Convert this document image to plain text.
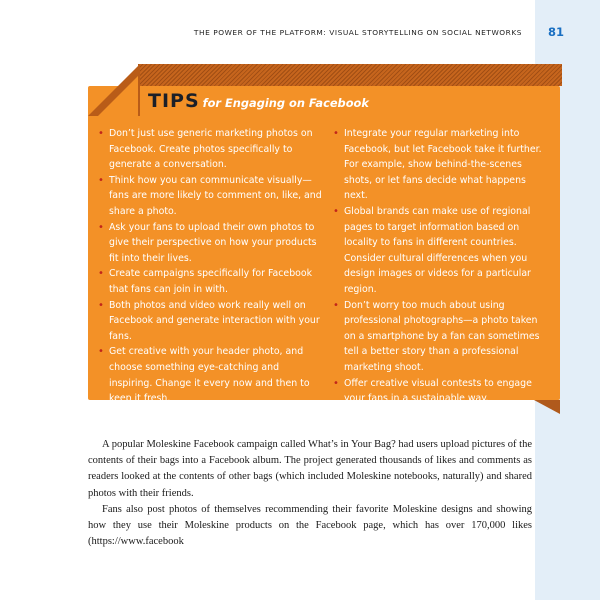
THE POWER OF THE PLATFORM: VISUAL STORYTELLING ON SOCIAL NETWORKS	81
TIPS for Engaging on Facebook
• Don’t just use generic marketing photos on Facebook. Create photos specifically to generate a conversation.
• Think how you can communicate visually—fans are more likely to comment on, like, and share a photo.
• Ask your fans to upload their own photos to give their perspective on how your products fit into their lives.
• Create campaigns specifically for Facebook that fans can join in with.
• Both photos and video work really well on Facebook and generate interaction with your fans.
• Get creative with your header photo, and choose something eye-catching and inspiring. Change it every now and then to keep it fresh.
• Integrate your regular marketing into Facebook, but let Facebook take it further. For example, show behind-the-scenes shots, or let fans decide what happens next.
• Global brands can make use of regional pages to target information based on locality to fans in different countries. Consider cultural differences when you design images or videos for a particular region.
• Don’t worry too much about using professional photographs—a photo taken on a smartphone by a fan can sometimes tell a better story than a professional marketing shoot.
• Offer creative visual contests to engage your fans in a sustainable way.

A popular Moleskine Facebook campaign called What’s in Your Bag? had users upload pictures of the contents of their bags into a Facebook album. The project generated thousands of likes and comments as readers looked at the contents of other bags (which included Moleskine notebooks, naturally) and shared photos with their friends.

Fans also post photos of themselves recommending their favorite Moleskine designs and showing how they use their Moleskine products on the Facebook page, which has over 170,000 likes (https://www.facebook
